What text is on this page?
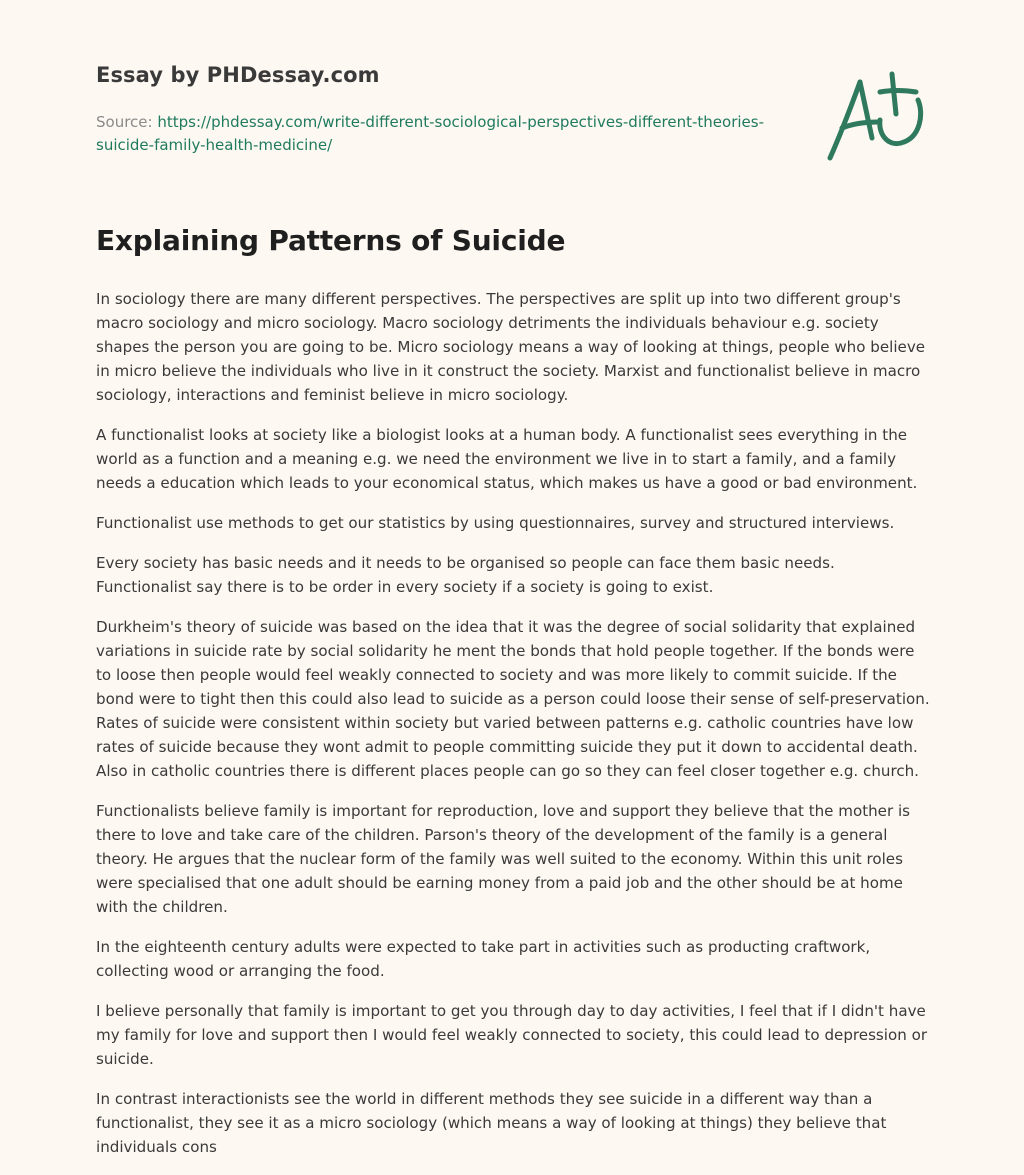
Essay by PHDessay.com
Source: https://phdessay.com/write-different-sociological-perspectives-different-theories-suicide-family-health-medicine/
Explaining Patterns of Suicide

In sociology there are many different perspectives. The perspectives are split up into two different group's macro sociology and micro sociology. Macro sociology detriments the individuals behaviour e.g. society shapes the person you are going to be. Micro sociology means a way of looking at things, people who believe in micro believe the individuals who live in it construct the society. Marxist and functionalist believe in macro sociology, interactions and feminist believe in micro sociology.

A functionalist looks at society like a biologist looks at a human body. A functionalist sees everything in the world as a function and a meaning e.g. we need the environment we live in to start a family, and a family needs a education which leads to your economical status, which makes us have a good or bad environment.

Functionalist use methods to get our statistics by using questionnaires, survey and structured interviews.

Every society has basic needs and it needs to be organised so people can face them basic needs. Functionalist say there is to be order in every society if a society is going to exist.

Durkheim's theory of suicide was based on the idea that it was the degree of social solidarity that explained variations in suicide rate by social solidarity he ment the bonds that hold people together. If the bonds were to loose then people would feel weakly connected to society and was more likely to commit suicide. If the bond were to tight then this could also lead to suicide as a person could loose their sense of self-preservation. Rates of suicide were consistent within society but varied between patterns e.g. catholic countries have low rates of suicide because they wont admit to people committing suicide they put it down to accidental death. Also in catholic countries there is different places people can go so they can feel closer together e.g. church.

Functionalists believe family is important for reproduction, love and support they believe that the mother is there to love and take care of the children. Parson's theory of the development of the family is a general theory. He argues that the nuclear form of the family was well suited to the economy. Within this unit roles were specialised that one adult should be earning money from a paid job and the other should be at home with the children.

In the eighteenth century adults were expected to take part in activities such as producting craftwork, collecting wood or arranging the food.

I believe personally that family is important to get you through day to day activities, I feel that if I didn't have my family for love and support then I would feel weakly connected to society, this could lead to depression or suicide.

In contrast interactionists see the world in different methods they see suicide in a different way than a functionalist, they see it as a micro sociology (which means a way of looking at things) they believe that individuals cons
